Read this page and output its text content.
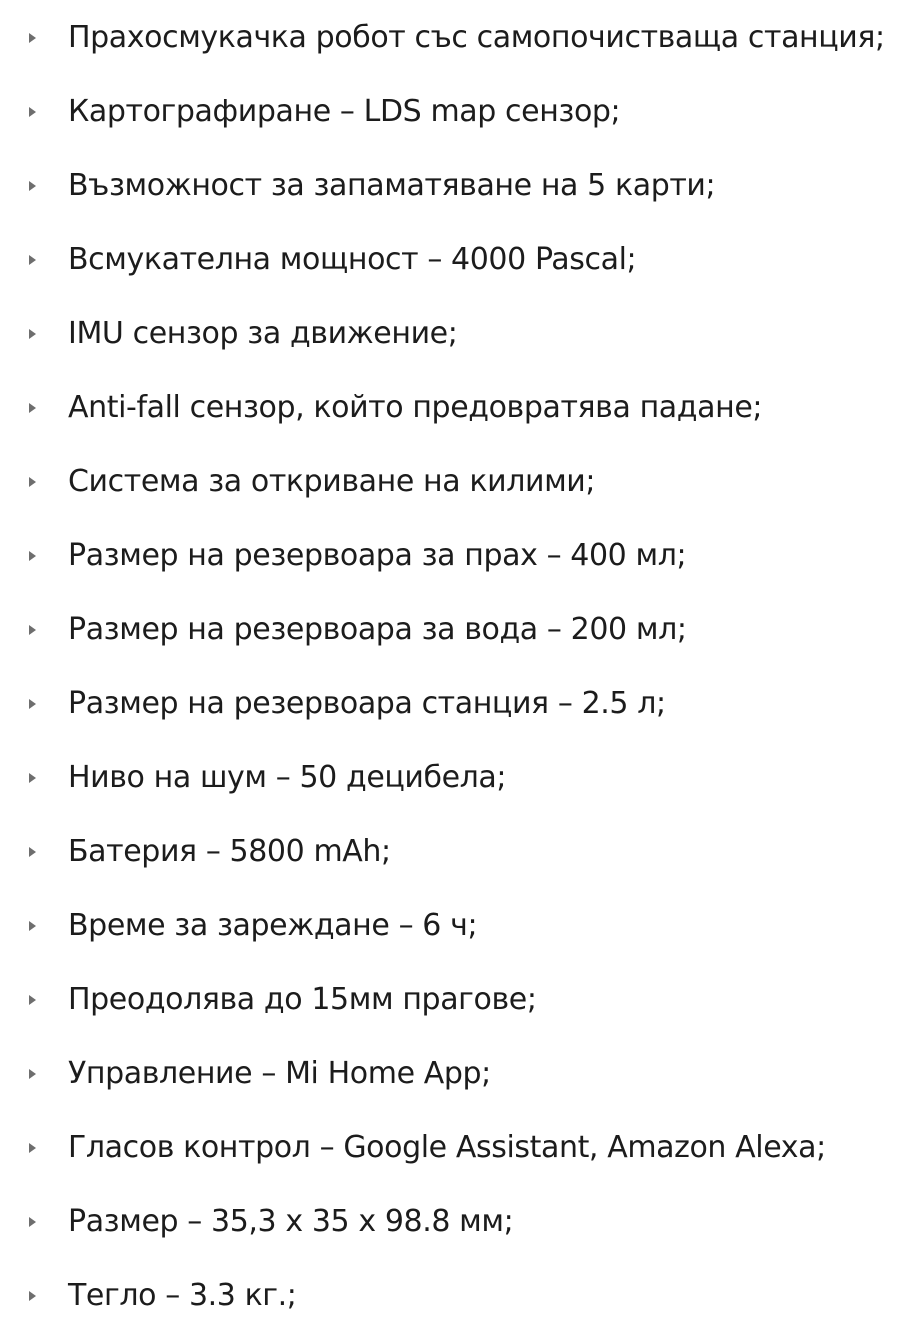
Прахосмукачка робот със самопочистваща станция;
Картографиране – LDS map сензор;
Възможност за запаматяване на 5 карти;
Всмукателна мощност – 4000 Pascal;
IMU сензор за движение;
Anti-fall сензор, който предовратява падане;
Система за откриване на килими;
Размер на резервоара за прах – 400 мл;
Размер на резервоара за вода – 200 мл;
Размер на резервоара станция – 2.5 л;
Ниво на шум – 50 децибела;
Батерия – 5800 mAh;
Време за зареждане – 6 ч;
Преодолява до 15мм прагове;
Управление – Mi Home App;
Гласов контрол – Google Assistant, Amazon Alexa;
Размер – 35,3 x 35 x 98.8 мм;
Тегло – 3.3 кг.;
